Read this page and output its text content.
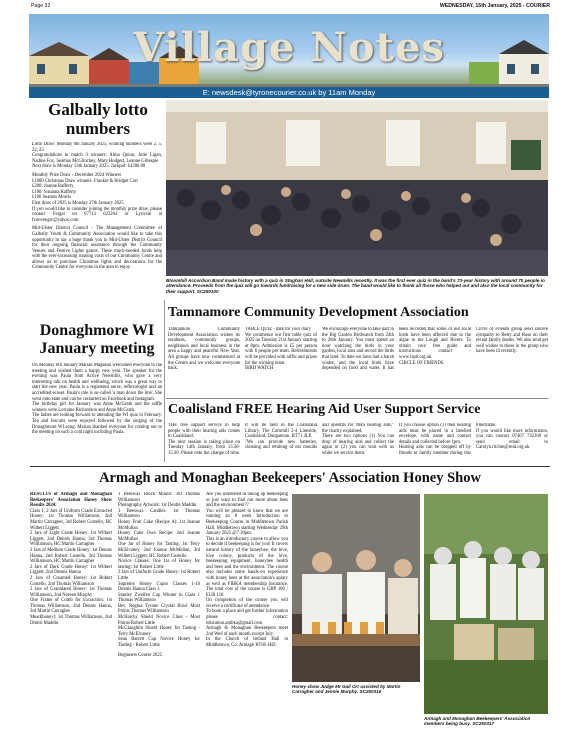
Page 32	WEDNESDAY, 15th January, 2025 - COURIER
Village Notes
E: newsdesk@tyronecourier.co.uk by 11am Monday
Galbally lotto numbers
Lotto Draw: Monday 6th January 2025; winning numbers were 2, 5, 22, 23
Congratulations to match 3 winners: Alma Quinn, Jolie Ligan, Nadine Fox, Seamus McGlinchey, Mary Hodgett, Leanne Gillespie
Next draw is Monday 13th January 2025. Jackpot: £4300.00
Monthly Prize Draw - December 2024 Winners
£1000 Christmas Draw winners: Frankie & Bridget Corr
£200: Joanne Rafferty
£100: Susanna Rafferty
£100 Seamus Morris
First draw of 2025 is Monday 27th January 2025
If you would like to consider joining the monthly prize draw, please contact Fergal on 07713 623264 or Lyricsin at fvonvengrc@yahoo.com
Mid-Ulster District Council - The Management Committee of Galbally Youth & Community Association would like to take this opportunity to say a huge thank you to Mid-Ulster District Council for their ongoing financial assistance through the Community Venues and Festive Lights grants. These much-needed funds help with the ever-increasing running costs of our Community Centre and allows us to purchase Christmas lights and decorations for the Community Centre for everyone in the area to enjoy.
Bloomhill Accordion Band made history with a quiz in Stughan Hall, outside Newmills recently. It was the first ever quiz in the band's 73-year history with around 70 people in attendance. Proceeds from the quiz will go towards fundraising for a new side drum. The band would like to thank all those who helped out and also the local community for their support. SC250320
Donaghmore WI January meeting
On Monday 6th January Marian Mageean welcomed everyone to the meeting and wished them a happy new year. The speaker for the evening was Paula from Active Newmills, who gave a very interesting talk on health and wellbeing, which was a great way to start the new year. Paula is a registered nurse, reflexologist and an accredited ecoset. Paula's role is so-called 'a man down the line'. She went onto state and can be contacted on Facebook and Instagram.
The birthday girl for January was Anne McGrath and the raffle winners were Lorraine Richardson and Anne McGrath.
The ladies are looking forward to attending the WI quiz in February. Tea and biscuits were enjoyed followed by the singing of the Donaghmore WI song. Marian thanked everyone for coming out to the meeting on such a cold night including Paula.
Tamnamore Community Development Association
Tamnamore Community Development Association wishes its residents, community groups, neighbours and local business in the area a happy and peaceful New Year. All groups have now commenced at the Centre and we welcome everyone back.
TABLE QUIZ - date for your diary
We commence our first table quiz of 2025 on Tuesday 21st January starting at 8pm. Admission is £5 per person with 6 people per team. Refreshments will be provided with raffle and prizes for the winning team.
BIRD WATCH
We encourage everyone to take part in the Big Garden Birdwatch from 24th to 26th January. You must spend an hour watching the birds in your garden, local area and record the birds that land. To date we have had a harsh winter, and the local birds have depended on food and water. It has been recorded that some of our local birds have been affected due to the algae in the Lough and Rivers. To obtain your free guide and instructions contact - www.rspb.org.uk
CIRCLE OF FRIENDS
Circle of Friends group send sincere sympathy to Betty and Rose on their recent family deaths. We also send get well wishes to those in the group who have been ill recently.
Coalisland FREE Hearing Aid User Support Service
THE free support service to help people with their hearing aids comes to Coalisland.
The next session is taking place on Tuesday 14th January, from 13.30-15.30. Please note the change of time. It will be held in the Coalisland Library, The Cornmill 2-4 Lineside, Coalisland, Dungannon. BT71 4LP.
"We can provide new batteries, cleaning and retubing of ear moulds and openfits for NHS hearing aids," the charity explained.
There are two options (1) You can drop of hearing aids and collect the again or (2) you can wait with us while we service them.
If you choose option (1) then hearing aids must be placed in a labelled envelope, with name and contact details and collected before 1pm.
Hearing aids can be dropped off by friends or family member during this timeframe.
If you would like more information, you can contact 07407 732106 or send email to Carolyn.ritchie@rnid.org.uk.
Armagh and Monaghan Beekeepers' Association Honey Show
RESULTS of Armagh and Monaghan Beekeepers' Association Honey Show Results 2024:
Class 1, 2 Jars of Uniform Grade Extracted Honey: 1st Thomas Williamson, 2nd Martin Carragher, 3rd Robert Costello, HC Wilbert Liggett
2 Jars of Light Grade Honey: 1st Wilbert Liggett, 2nd Dennis Hanna, 3rd Thomas Williamson, HC Martin Carragher
2 Jars of Medium Grade Honey: 1st Dennis Hanna, 2nd Robert Costello, 3rd Thomas Williamson, HC Martin Carragher
2 Jars of Dark Grade Honey: 1st Wilbert Liggett, 2nd Dennis Hanna
2 Jars of Creamed Honey: 1st Robert Costello, 2nd Thomas Williamson
2 Jars of Granulated Honey: 1st Thomas Williamson, 2nd Noreen Murphy
One Frame of Comb for Extraction: 1st Thomas Williamson, 2nd Dennis Hanna, 3rd Martin Carragher
Mead(honey): 1st Thomas Williamson, 2nd Dmitri Maddin
1 Beeswax Block Mould: 3rd Thomas Williamson
Photography Artwork: 1st Deidre Maddin
3 Beeswax Candles: 1st Thomas Williamson
Honey Fruit Cake (Recipe A): 1st Joanne McMullan
Honey Cake Own Recipe: 2nd Joanne McMullan
One Jar of Honey for Tasting: 1st Terry McElvaney, 2nd Joanne McMullan, 3rd Wilbert Liggett, HC Robert Costello
Novice Classes: One Jar of Honey for tasting: 1st Robert Little
2 Jars of Uniform Grade Honey: 1st Robert Little
Supreme Honey Cupio Classes 1-10 Dennis Hanna Class 3
Stanley Zweifen Cup Winner in Class 1 Thomas Williamson
Bev. Regina Tyrone Crystal Bowl Most Points Thomas Williamson
McHaichy Shield Novice Class - Most Points Robert Little
McGlaughlin Shield Honey for Tasting - Terry McElvaney
Sean Barrett Cup Novice Honey for Tasting - Robert Little
Beginners Course 2025
Are you interested in taking up beekeeping or just want to find out more about bees and the environment??
You will be pleased to know that we are running an 8 week Introduction to Beekeeping Course in Middletown Parish Hall, Middletown starting Wednesday 29th January 2025 @7.30pm.
This is an introductory course to allow you to decide if beekeeping is for you! It covers natural history of the honeybee, the hive, hive colony, products of the hive, beekeeping equipment, honeybee health and bees and the environment. The course also includes some hands-on experience with honey bees at the association's apiary as well as FIBKA membership insurance. The total cost of the course is GBP 100 / EUR 110.
On completion of the course you will receive a certificate of attendance.
To book a place and get further information please contact: education.ambka@gmail.com
Armagh & Monaghan Beekeepers meet 2nd Wed of each month except July.
In the Church of Ireland Hall in Middletown, Co. Armagh BT60 4HZ.
Honey show Judge Mr Gail Orr assisted by Martin Carragher and Jennie Murphy. SC250316
Armagh and Monaghan Beekeepers' Association members being busy. SC250317
